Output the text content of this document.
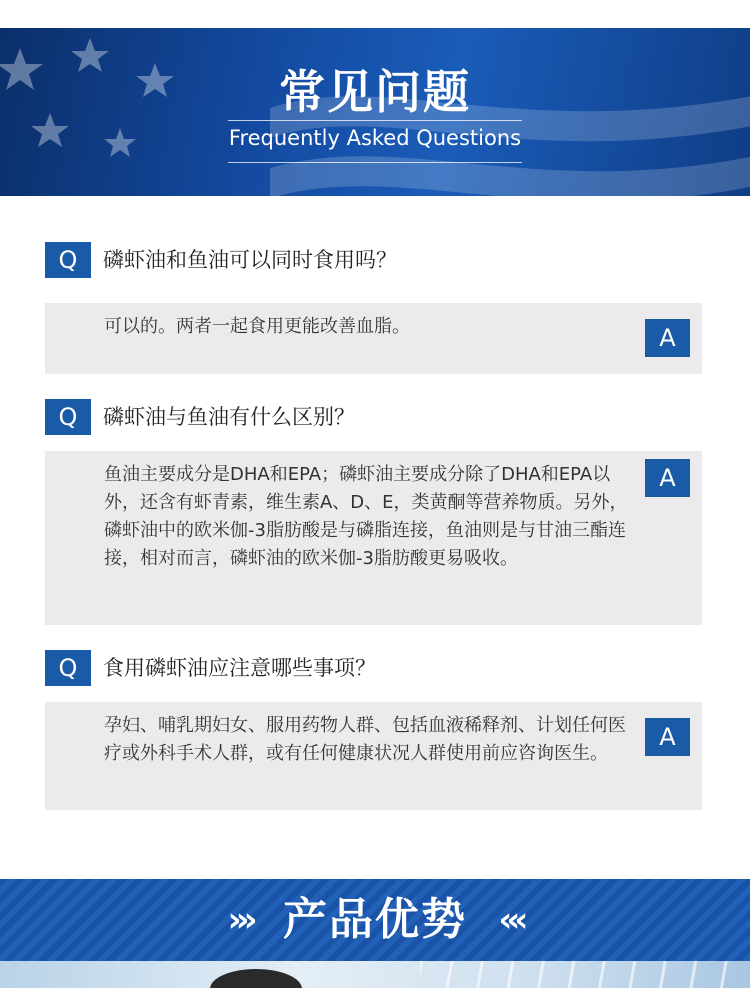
常见问题
Frequently Asked Questions
Q	磷虾油和鱼油可以同时食用吗？
可以的。两者一起食用更能改善血脂。	A
Q	磷虾油与鱼油有什么区别？
鱼油主要成分是DHA和EPA；磷虾油主要成分除了DHA和EPA以外，还含有虾青素，维生素A、D、E，类黄酮等营养物质。另外，磷虾油中的欧米伽-3脂肪酸是与磷脂连接，鱼油则是与甘油三酯连接，相对而言，磷虾油的欧米伽-3脂肪酸更易吸收。
A
Q	食用磷虾油应注意哪些事项？
孕妇、哺乳期妇女、服用药物人群、包括血液稀释剂、计划任何医疗或外科手术人群，或有任何健康状况人群使用前应咨询医生。
A
››› 产品优势 ‹‹‹
